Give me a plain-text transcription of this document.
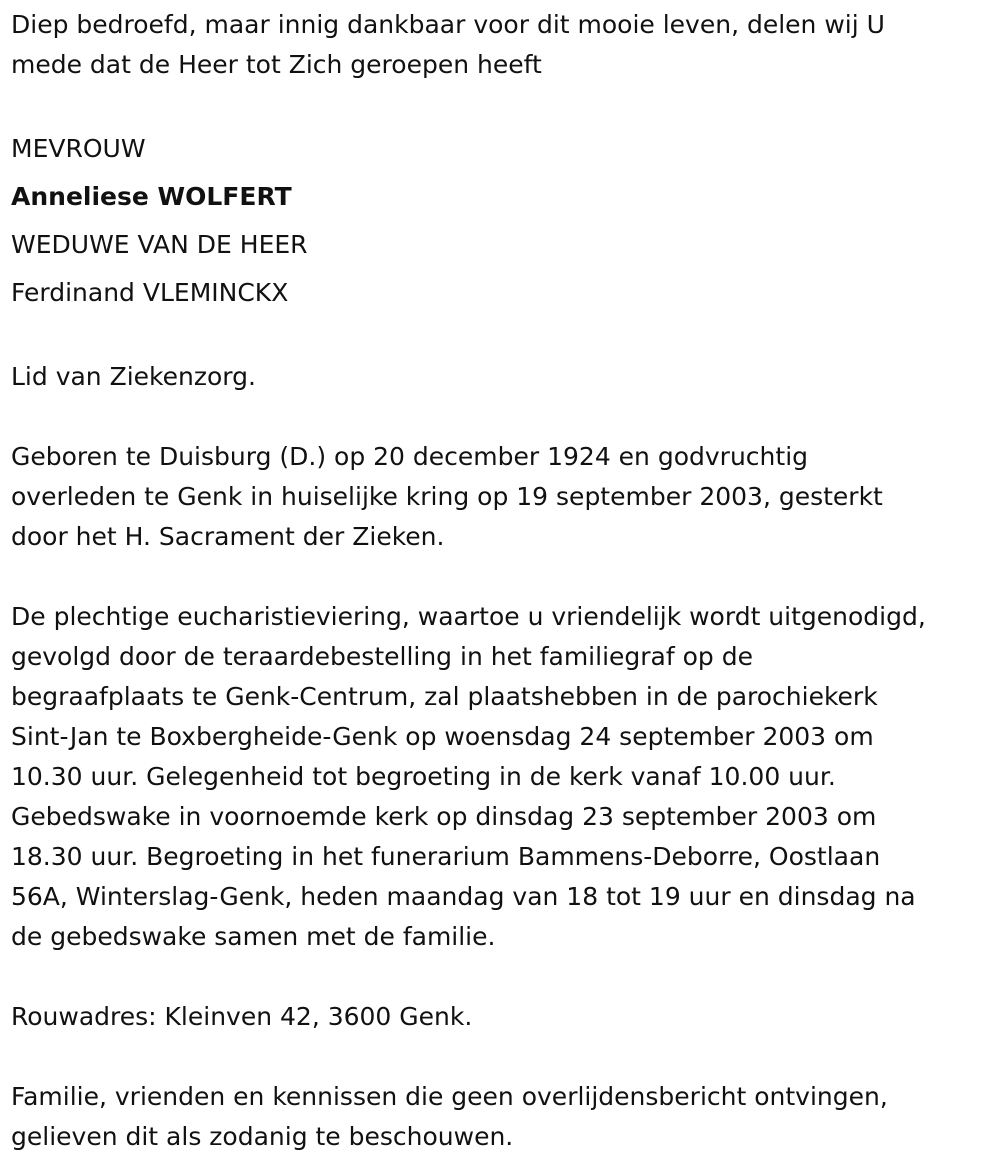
Diep bedroefd, maar innig dankbaar voor dit mooie leven, delen wij U
mede dat de Heer tot Zich geroepen heeft
MEVROUW
Anneliese WOLFERT
WEDUWE VAN DE HEER
Ferdinand VLEMINCKX
Lid van Ziekenzorg.
Geboren te Duisburg (D.) op 20 december 1924 en godvruchtig
overleden te Genk in huiselijke kring op 19 september 2003, gesterkt
door het H. Sacrament der Zieken.
De plechtige eucharistieviering, waartoe u vriendelijk wordt uitgenodigd,
gevolgd door de teraardebestelling in het familiegraf op de
begraafplaats te Genk-Centrum, zal plaatshebben in de parochiekerk
Sint-Jan te Boxbergheide-Genk op woensdag 24 september 2003 om
10.30 uur. Gelegenheid tot begroeting in de kerk vanaf 10.00 uur.
Gebedswake in voornoemde kerk op dinsdag 23 september 2003 om
18.30 uur. Begroeting in het funerarium Bammens-Deborre, Oostlaan
56A, Winterslag-Genk, heden maandag van 18 tot 19 uur en dinsdag na
de gebedswake samen met de familie.
Rouwadres: Kleinven 42, 3600 Genk.
Familie, vrienden en kennissen die geen overlijdensbericht ontvingen,
gelieven dit als zodanig te beschouwen.
